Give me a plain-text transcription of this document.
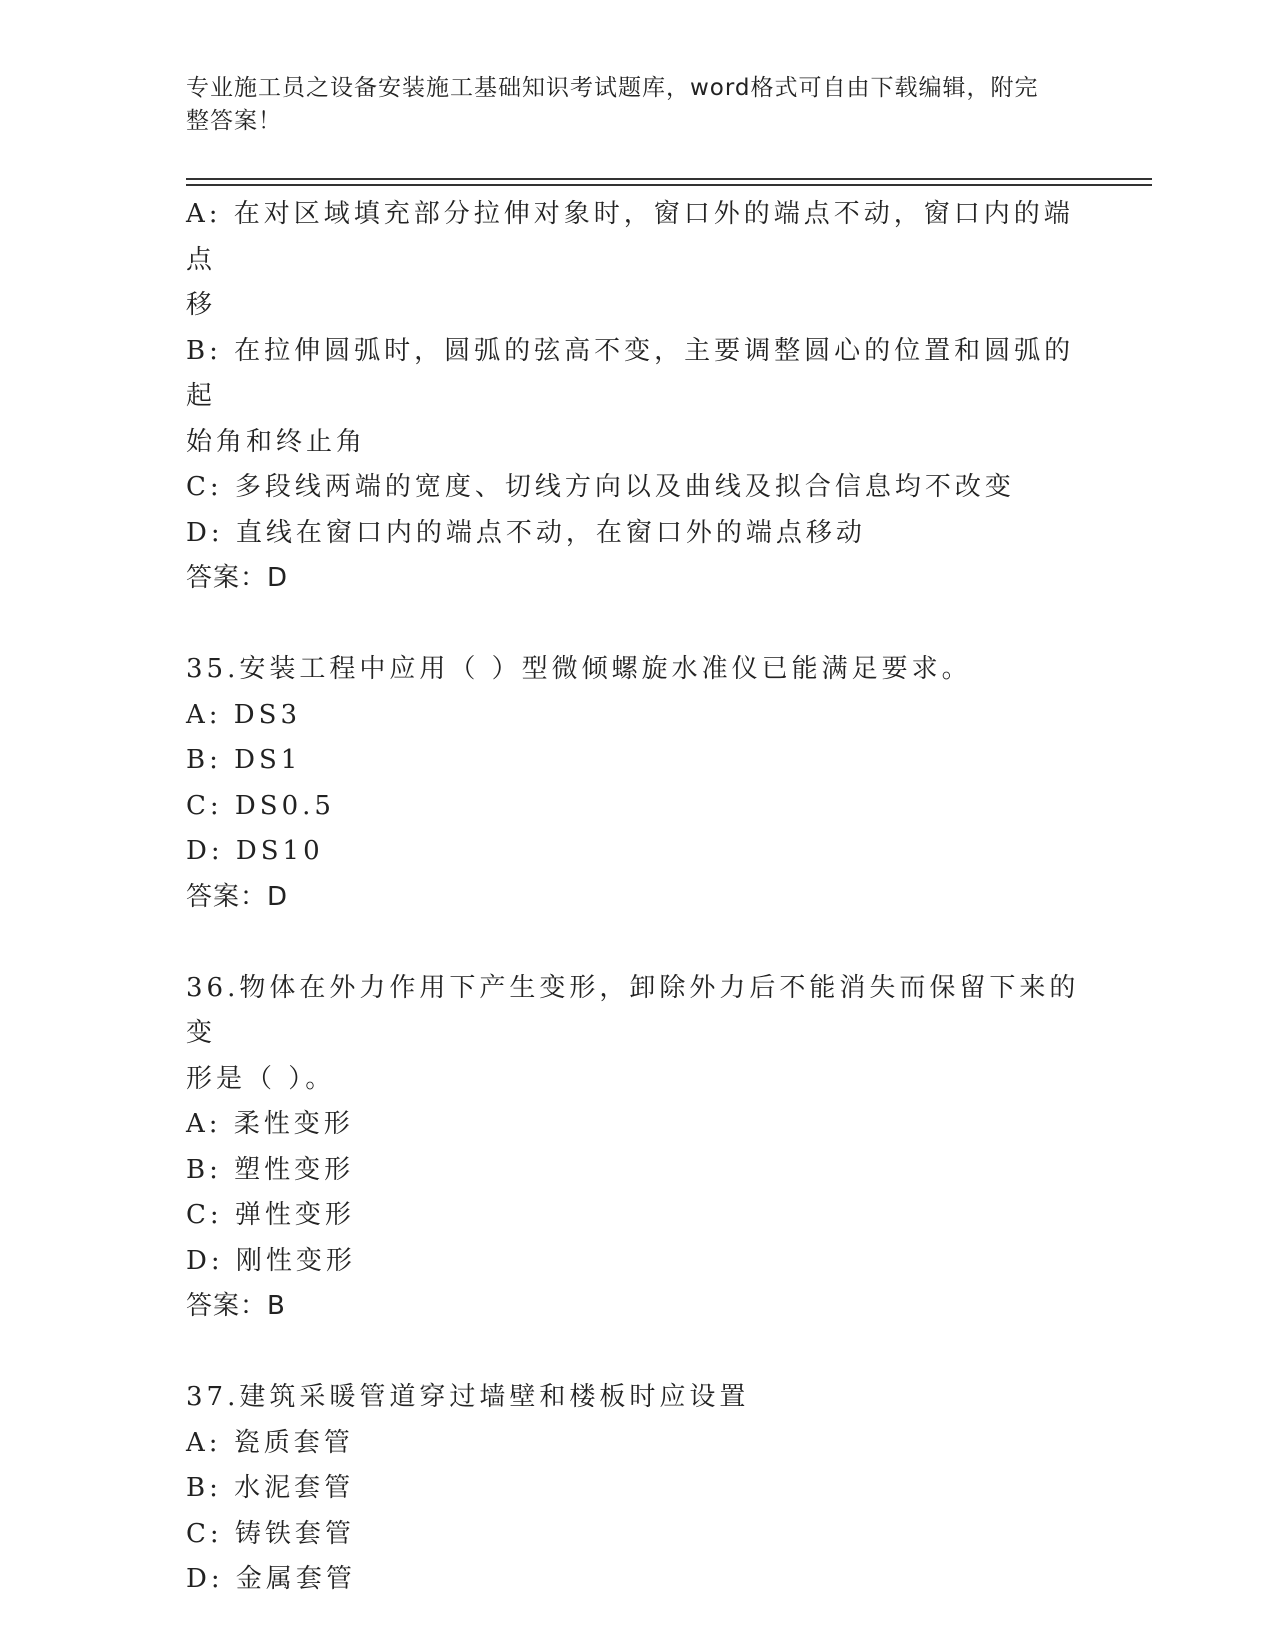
专业施工员之设备安装施工基础知识考试题库，word格式可自由下载编辑，附完
整答案！

A: 在对区域填充部分拉伸对象时，窗口外的端点不动，窗口内的端点

移

B: 在拉伸圆弧时，圆弧的弦高不变，主要调整圆心的位置和圆弧的起

始角和终止角

C: 多段线两端的宽度、切线方向以及曲线及拟合信息均不改变

D: 直线在窗口内的端点不动，在窗口外的端点移动

答案：D

35.安装工程中应用（ ）型微倾螺旋水准仪已能满足要求。

A: DS3

B: DS1

C: DS0.5

D: DS10

答案：D

36.物体在外力作用下产生变形，卸除外力后不能消失而保留下来的变

形是（ ）。

A: 柔性变形

B: 塑性变形

C: 弹性变形

D: 刚性变形

答案：B

37.建筑采暖管道穿过墙壁和楼板时应设置

A: 瓷质套管

B: 水泥套管

C: 铸铁套管

D: 金属套管
